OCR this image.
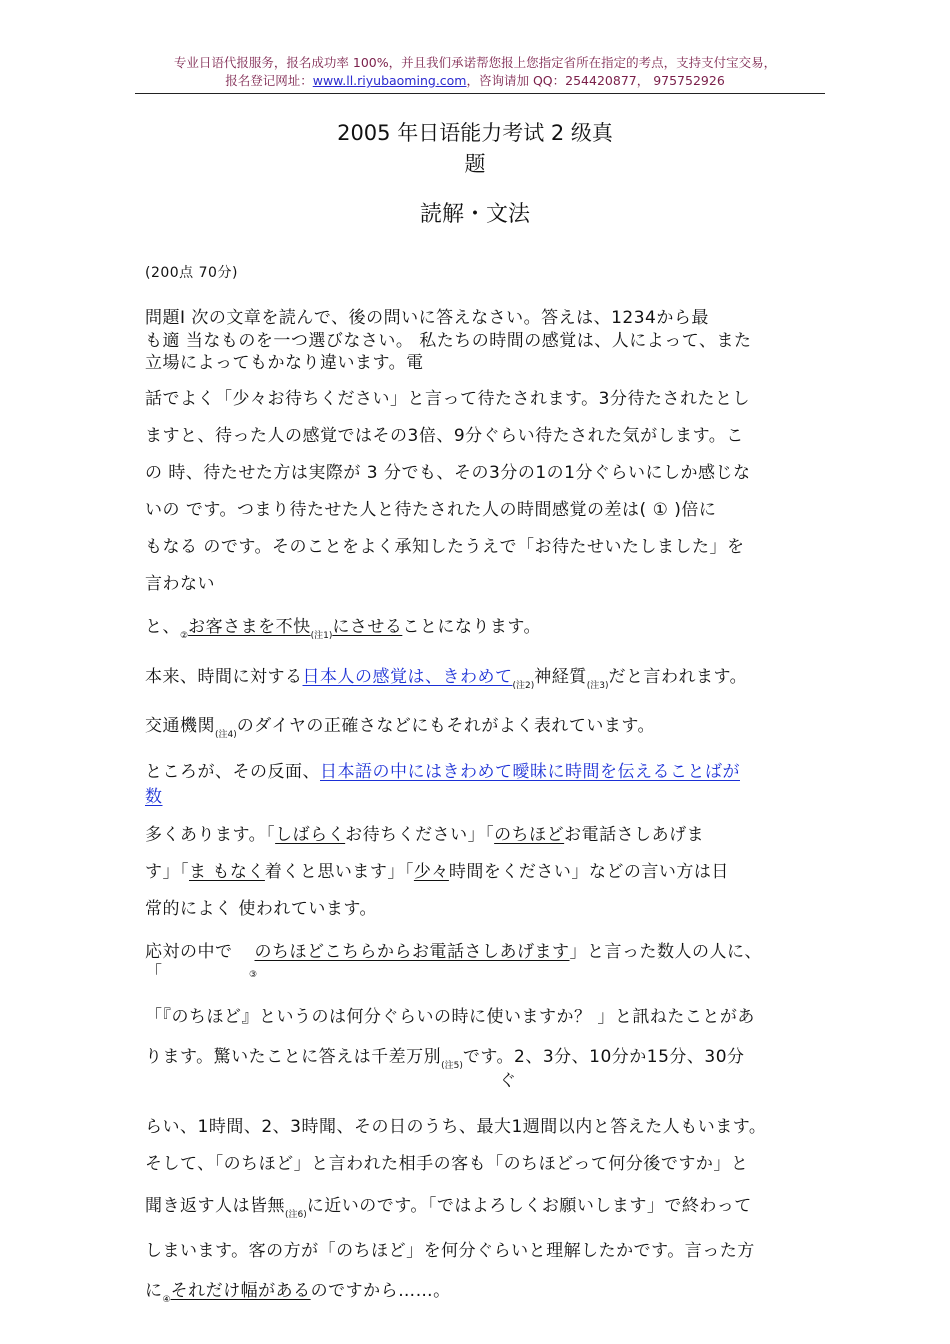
专业日语代报服务，报名成功率 100%，并且我们承诺帮您报上您指定省所在指定的考点，支持支付宝交易，
报名登记网址：www.ll.riyubaoming.com，咨询请加 QQ：254420877， 975752926
2005 年日语能力考试 2 级真
题
読解・文法
(200点 70分)
問題Ⅰ 次の文章を読んで、後の問いに答えなさい。答えは、1234から最
も適 当なものを一つ選びなさい。 私たちの時間の感覚は、人によって、また
立場によってもかなり違います。電
話でよく「少々お待ちください」と言って待たされます。3分待たされたとし
ますと、待った人の感覚ではその3倍、9分ぐらい待たされた気がします。こ
の 時、待たせた方は実際が 3 分でも、その3分の1の1分ぐらいにしか感じな
いの です。つまり待たせた人と待たされた人の時間感覚の差は( ① )倍に
もなる のです。そのことをよく承知したうえで「お待たせいたしました」を
言わない
と、$_②$お客さまを不快$_{(注1)}$にさせることになります。
本来、時間に対する日本人の感覚は、きわめて$_{(注2)}$神経質$_{(注3)}$だと言われます。
交通機関$_{(注4)}$のダイヤの正確さなどにもそれがよく表れています。
ところが、その反面、日本語の中にはきわめて曖昧に時間を伝えることばが
数
多くあります。「しばらくお待ちください」「のちほどお電話さしあげま
す」「ま もなく着くと思います」「少々時間をください」などの言い方は日
常的によく 使われています。
応対の中で のちほどこちらからお電話さしあげます」と言った数人の人に、
「	③
「『のちほど』というのは何分ぐらいの時に使いますか？ 」と訊ねたことがあ
ります。驚いたことに答えは千差万別$_{(注5)}$です。2、3分、10分か15分、30分
ぐ
らい、1時間、2、3時聞、その日のうち、最大1週間以内と答えた人もいます。
そして、「のちほど」と言われた相手の客も「のちほどって何分後ですか」と
聞き返す人は皆無$_{(注6)}$に近いのです。「ではよろしくお願いします」で終わって
しまいます。客の方が「のちほど」を何分ぐらいと理解したかです。言った方
に$_④$それだけ幅があるのですから……。
